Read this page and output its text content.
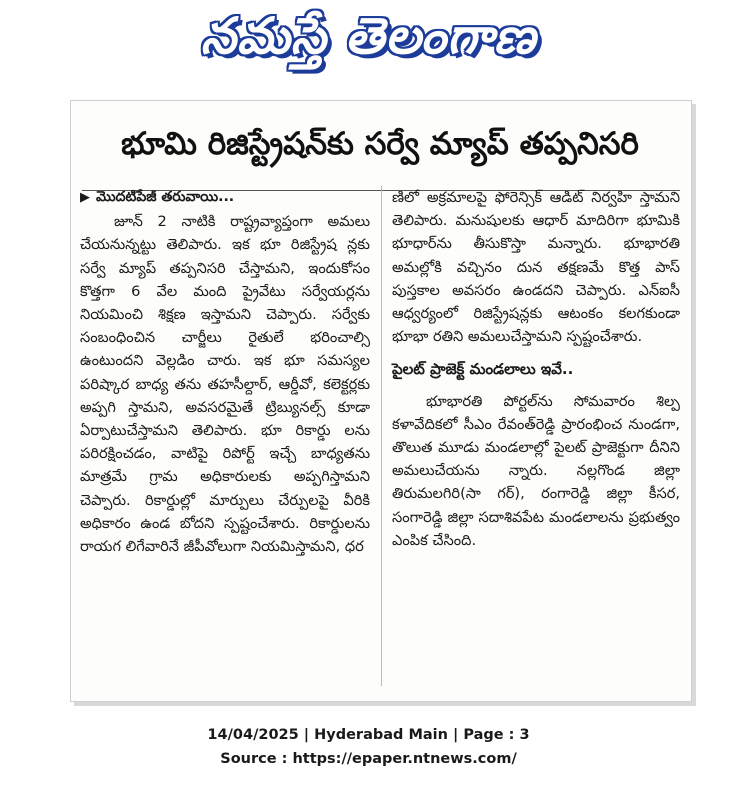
నమస్తే తెలంగాణ
భూమి రిజిస్ట్రేషన్‌కు సర్వే మ్యాప్ తప్పనిసరి
▶ మొదటిపేజీ తరువాయి...

జూన్ 2 నాటికి రాష్ట్రవ్యాప్తంగా అమలు చేయనున్నట్టు తెలిపారు. ఇక భూ రిజిస్ట్రేష న్లకు సర్వే మ్యాప్ తప్పనిసరి చేస్తామని, ఇందుకోసం కొత్తగా 6 వేల మంది ప్రైవేటు సర్వేయర్లను నియమించి శిక్షణ ఇస్తామని చెప్పారు. సర్వేకు సంబంధించిన చార్జీలు రైతులే భరించాల్సి ఉంటుందని వెల్లడిం చారు. ఇక భూ సమస్యల పరిష్కార బాధ్య తను తహసీల్దార్, ఆర్డీవో, కలెక్టర్లకు అప్పగి స్తామని, అవసరమైతే ట్రిబ్యునల్స్ కూడా ఏర్పాటుచేస్తామని తెలిపారు. భూ రికార్డు లను పరిరక్షించడం, వాటిపై రిపోర్ట్ ఇచ్చే బాధ్యతను మాత్రమే గ్రామ అధికారులకు అప్పగిస్తామని చెప్పారు. రికార్డుల్లో మార్పులు చేర్పులపై వీరికి అధికారం ఉండ బోదని స్పష్టంచేశారు. రికార్డులను రాయగ లిగేవారినే జీపీవోలుగా నియమిస్తామని, ధర

ణిలో అక్రమాలపై ఫోరెన్సిక్ ఆడిట్ నిర్వహి స్తామని తెలిపారు. మనుషులకు ఆధార్ మాదిరిగా భూమికి భూధార్‌ను తీసుకొస్తా మన్నారు. భూభారతి అమల్లోకి వచ్చినం దున తక్షణమే కొత్త పాస్ పుస్తకాల అవసరం ఉండదని చెప్పారు. ఎన్ఐసీ ఆధ్వర్యంలో రిజిస్ట్రేషన్లకు ఆటంకం కలగకుండా భూభా రతిని అమలుచేస్తామని స్పష్టంచేశారు.

పైలట్ ప్రాజెక్ట్ మండలాలు ఇవే..

భూభారతి పోర్టల్‌ను సోమవారం శిల్ప కళావేదికలో సీఎం రేవంత్‌రెడ్డి ప్రారంభించ నుండగా, తొలుత మూడు మండలాల్లో పైలట్ ప్రాజెక్టుగా దీనిని అమలుచేయను న్నారు. నల్లగొండ జిల్లా తిరుమలగిరి(సా గర్), రంగారెడ్డి జిల్లా కీసర, సంగారెడ్డి జిల్లా సదాశివపేట మండలాలను ప్రభుత్వం ఎంపిక చేసింది.

14/04/2025 | Hyderabad Main | Page : 3
Source : https://epaper.ntnews.com/
